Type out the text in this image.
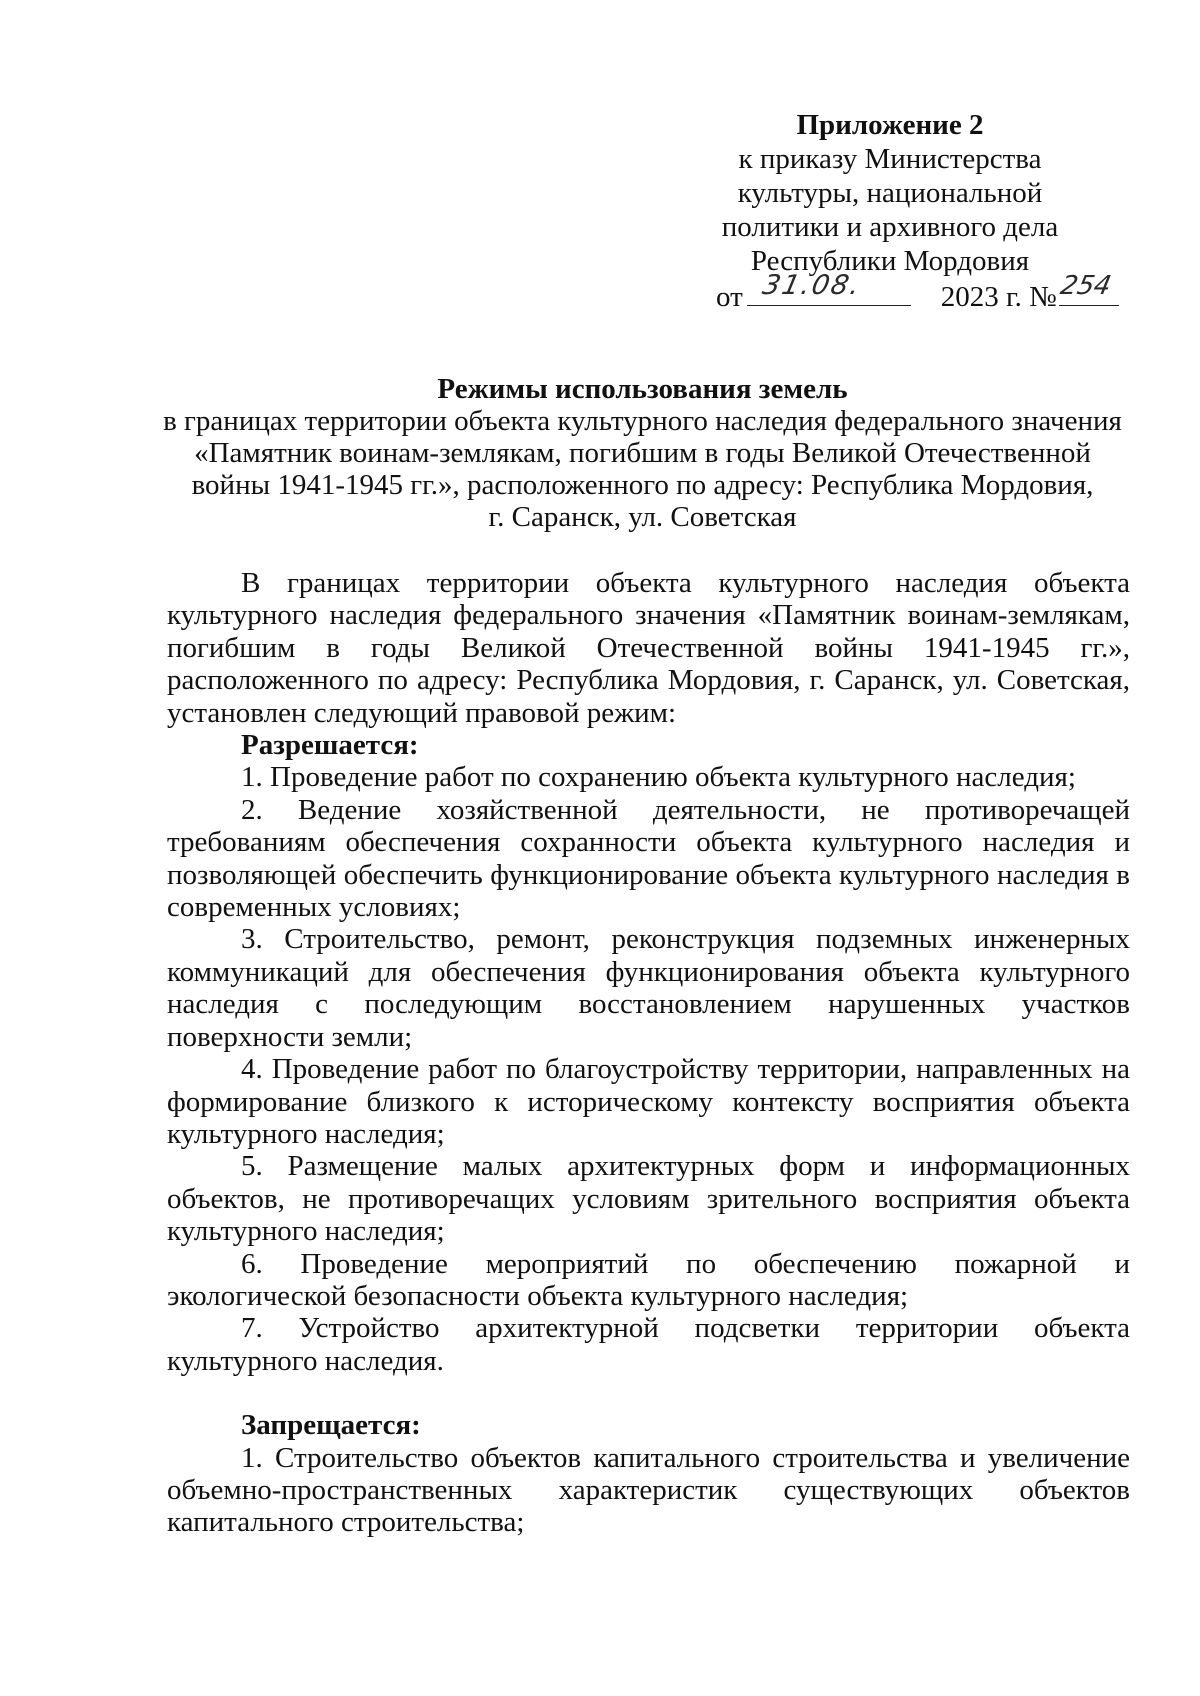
Приложение 2
к приказу Министерства
культуры, национальной
политики и архивного дела
Республики Мордовия
от 31.08.	2023 г. № 254
Режимы использования земель
в границах территории объекта культурного наследия федерального значения
«Памятник воинам-землякам, погибшим в годы Великой Отечественной
войны 1941-1945 гг.», расположенного по адресу: Республика Мордовия,
г. Саранск, ул. Советская

В границах территории объекта культурного наследия объекта культурного наследия федерального значения «Памятник воинам-землякам, погибшим в годы Великой Отечественной войны 1941-1945 гг.», расположенного по адресу: Республика Мордовия, г. Саранск, ул. Советская, установлен следующий правовой режим:

Разрешается:

1. Проведение работ по сохранению объекта культурного наследия;

2. Ведение хозяйственной деятельности, не противоречащей требованиям обеспечения сохранности объекта культурного наследия и позволяющей обеспечить функционирование объекта культурного наследия в современных условиях;

3. Строительство, ремонт, реконструкция подземных инженерных коммуникаций для обеспечения функционирования объекта культурного наследия с последующим восстановлением нарушенных участков поверхности земли;

4. Проведение работ по благоустройству территории, направленных на формирование близкого к историческому контексту восприятия объекта культурного наследия;

5. Размещение малых архитектурных форм и информационных объектов, не противоречащих условиям зрительного восприятия объекта культурного наследия;

6. Проведение мероприятий по обеспечению пожарной и экологической безопасности объекта культурного наследия;

7. Устройство архитектурной подсветки территории объекта культурного наследия.

Запрещается:

1. Строительство объектов капитального строительства и увеличение объемно-пространственных характеристик существующих объектов капитального строительства;
